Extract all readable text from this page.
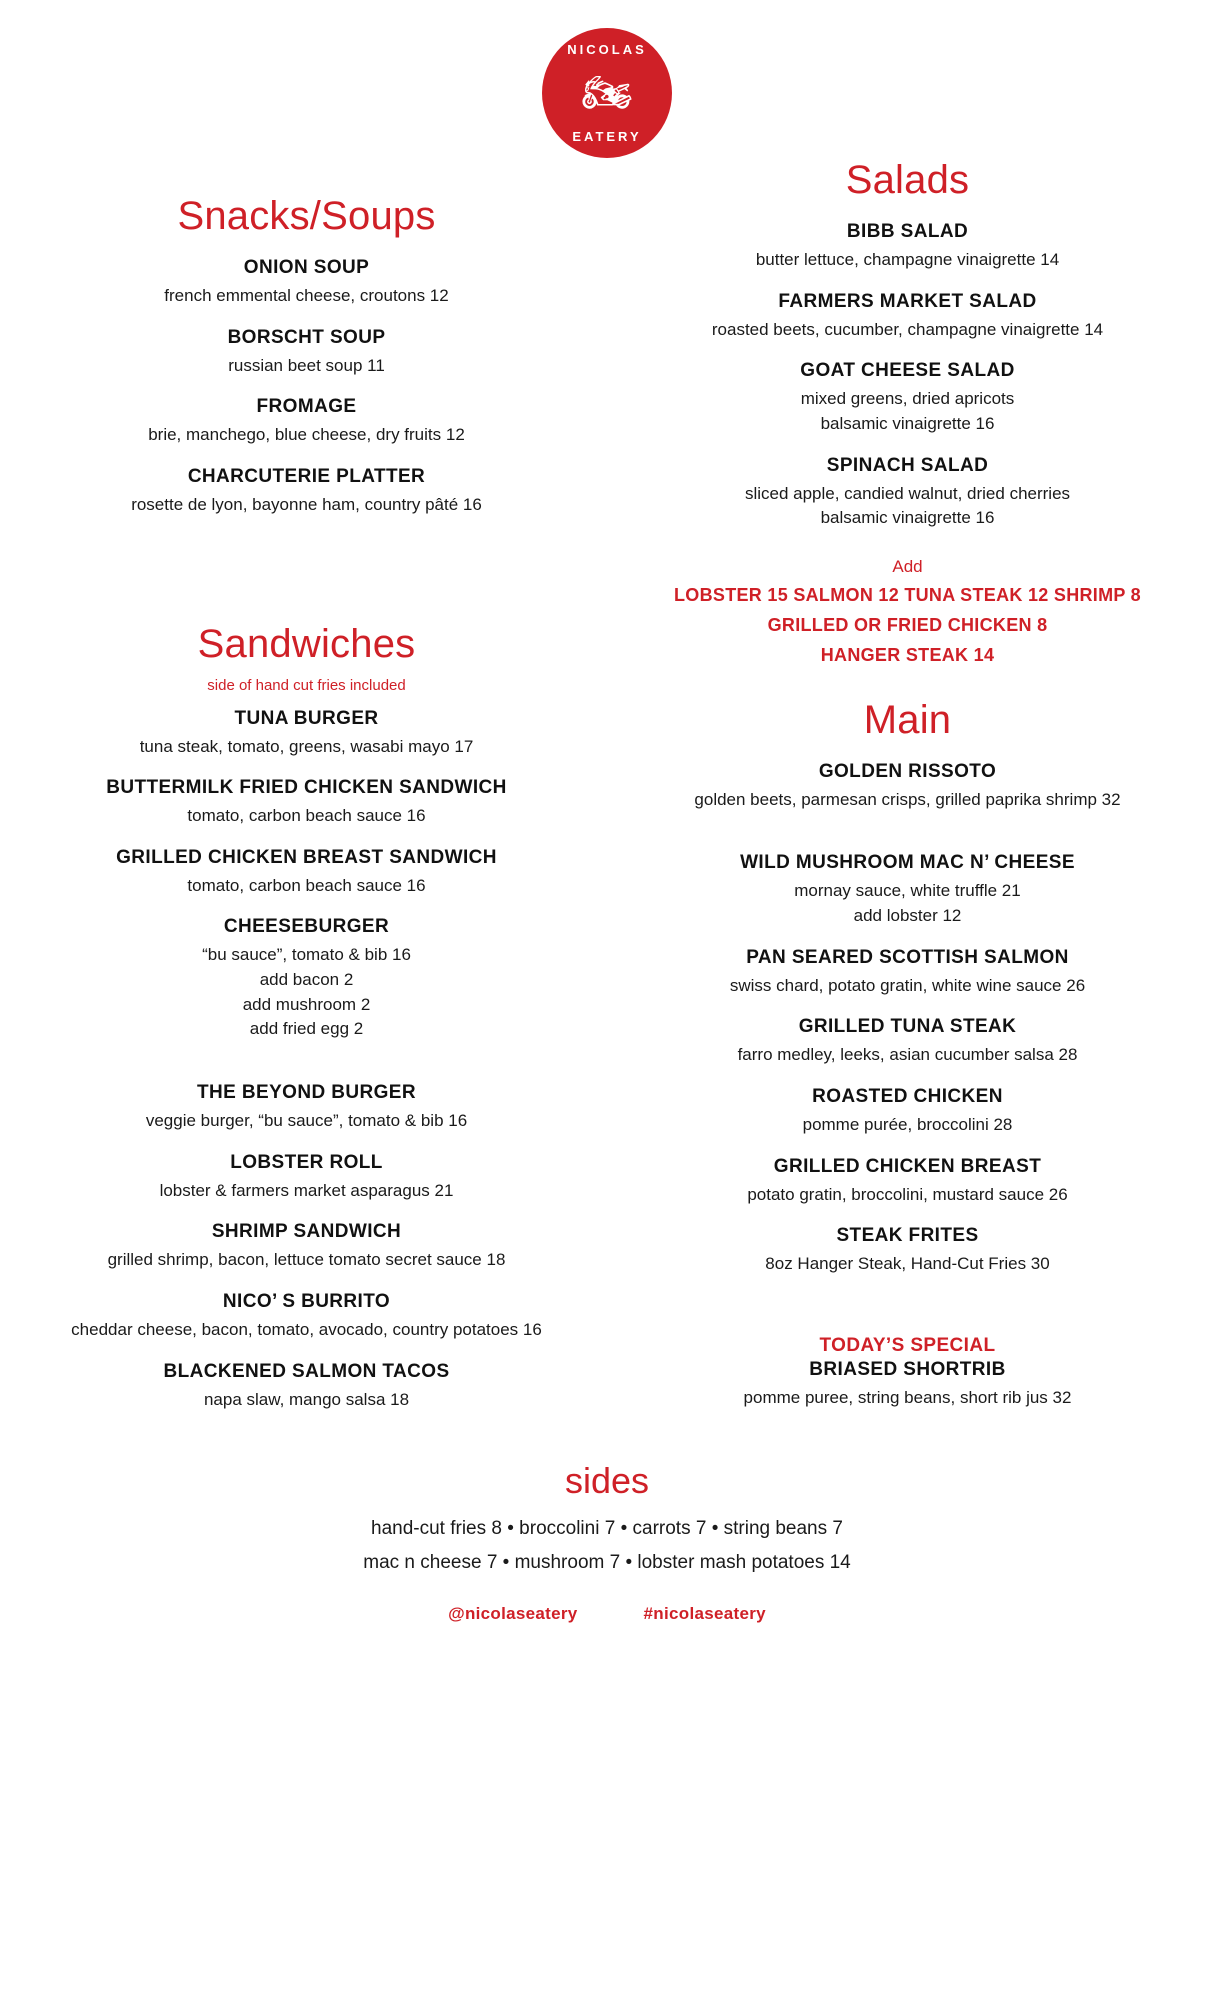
NICOLAS
🏍
EATERY
Snacks/Soups
ONION SOUP
french emmental cheese, croutons 12
BORSCHT SOUP
russian beet soup 11
FROMAGE
brie, manchego, blue cheese, dry fruits 12
CHARCUTERIE PLATTER
rosette de lyon, bayonne ham, country pâté 16
Sandwiches
side of hand cut fries included
TUNA BURGER
tuna steak, tomato, greens, wasabi mayo 17
BUTTERMILK FRIED CHICKEN SANDWICH
tomato, carbon beach sauce 16
GRILLED CHICKEN BREAST SANDWICH
tomato, carbon beach sauce 16
CHEESEBURGER
“bu sauce”, tomato & bib 16
add bacon 2
add mushroom 2
add fried egg 2
THE BEYOND BURGER
veggie burger, “bu sauce”, tomato & bib 16
LOBSTER ROLL
lobster & farmers market asparagus 21
SHRIMP SANDWICH
grilled shrimp, bacon, lettuce tomato secret sauce 18
NICO’ S BURRITO
cheddar cheese, bacon, tomato, avocado, country potatoes 16
BLACKENED SALMON TACOS
napa slaw, mango salsa 18
Salads
BIBB SALAD
butter lettuce, champagne vinaigrette 14
FARMERS MARKET SALAD
roasted beets, cucumber, champagne vinaigrette 14
GOAT CHEESE SALAD
mixed greens, dried apricots
balsamic vinaigrette 16
SPINACH SALAD
sliced apple, candied walnut, dried cherries
balsamic vinaigrette 16
Add
LOBSTER 15 SALMON 12 TUNA STEAK 12 SHRIMP 8
GRILLED OR FRIED CHICKEN 8
HANGER STEAK 14
Main
GOLDEN RISSOTO
golden beets, parmesan crisps, grilled paprika shrimp 32
WILD MUSHROOM MAC N’ CHEESE
mornay sauce, white truffle 21
add lobster 12
PAN SEARED SCOTTISH SALMON
swiss chard, potato gratin, white wine sauce 26
GRILLED TUNA STEAK
farro medley, leeks, asian cucumber salsa 28
ROASTED CHICKEN
pomme purée, broccolini 28
GRILLED CHICKEN BREAST
potato gratin, broccolini, mustard sauce 26
STEAK FRITES
8oz Hanger Steak, Hand-Cut Fries 30
TODAY’S SPECIAL
BRIASED SHORTRIB
pomme puree, string beans, short rib jus 32
sides
hand-cut fries 8 • broccolini 7 • carrots 7 • string beans 7
mac n cheese 7 • mushroom 7 • lobster mash potatoes 14
@nicolaseatery	#nicolaseatery
